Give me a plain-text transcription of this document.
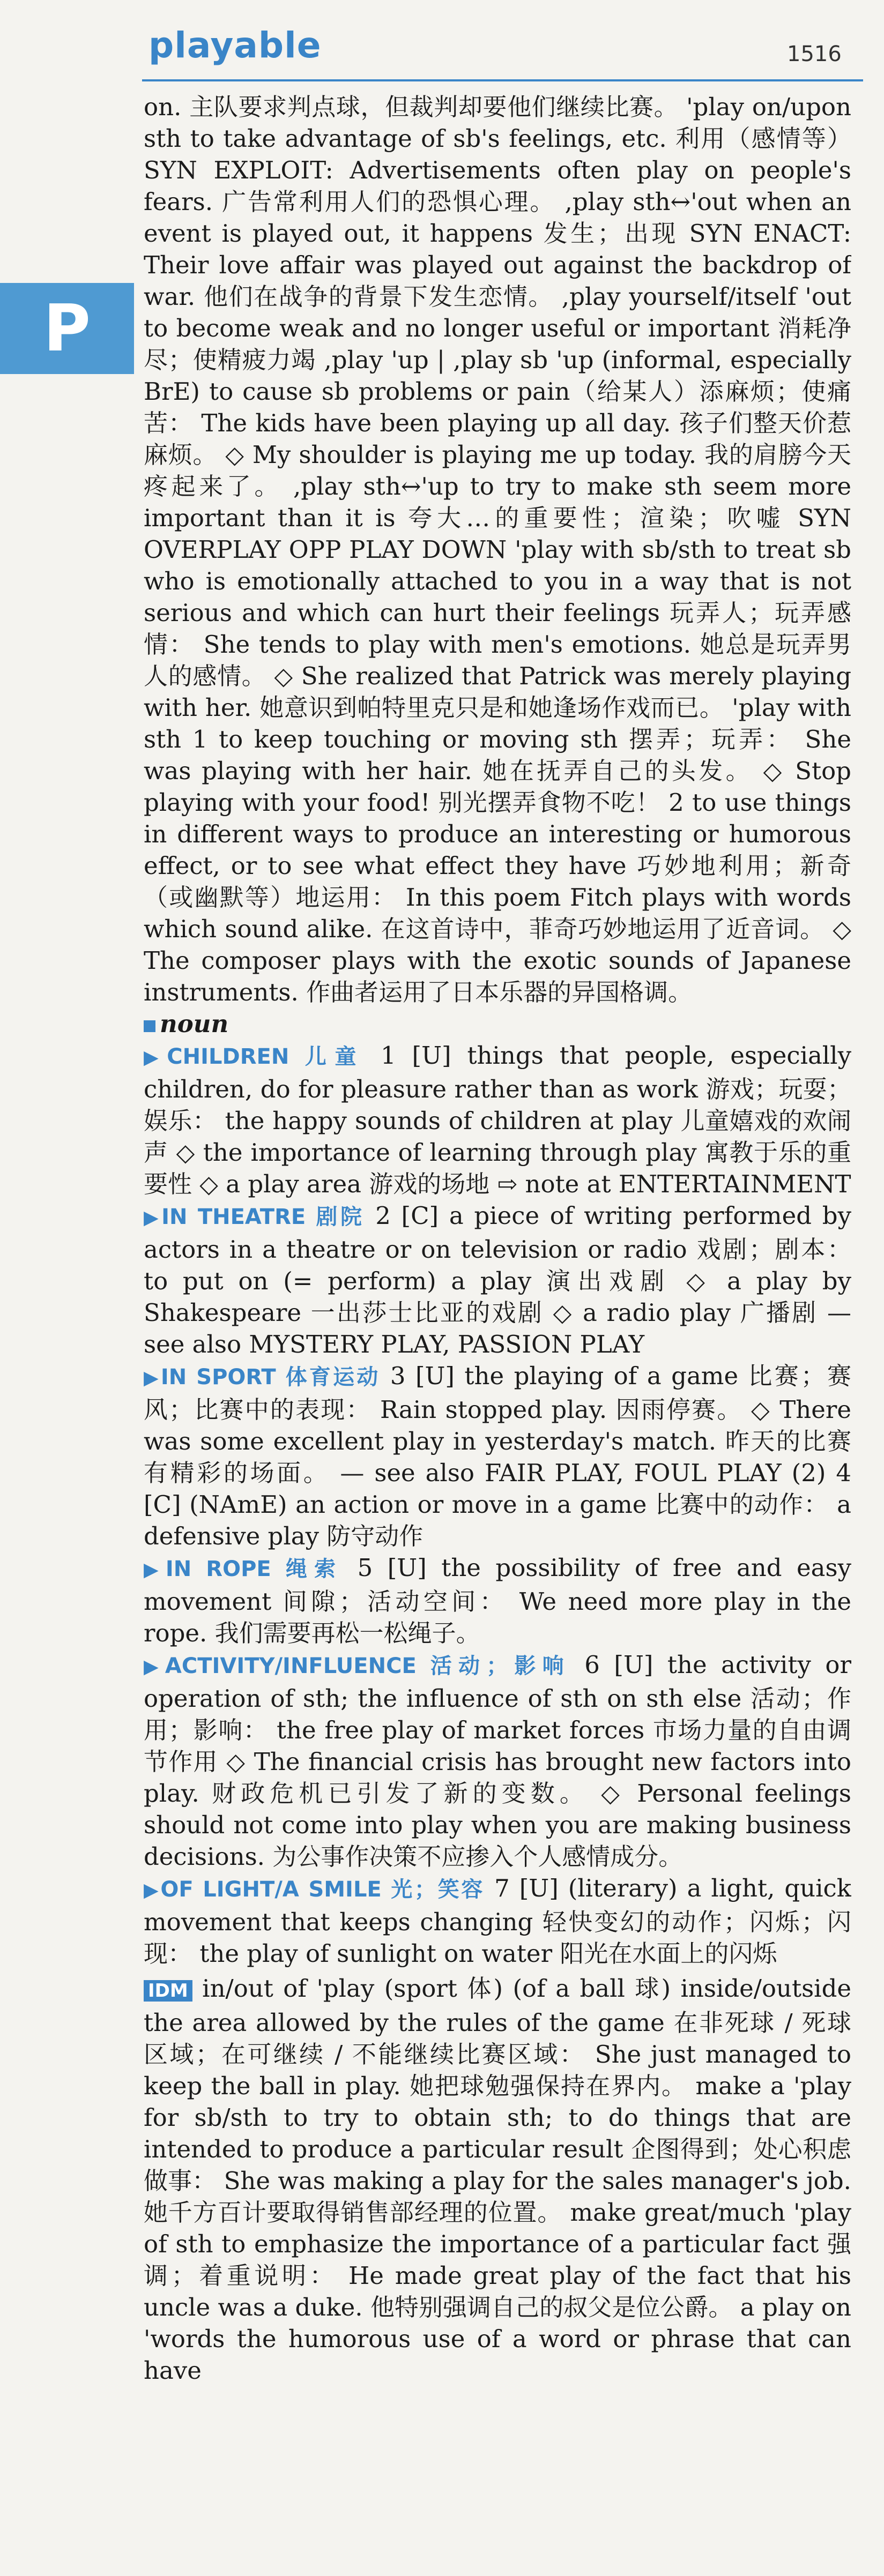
playable	1516
P

on. 主队要求判点球，但裁判却要他们继续比赛。 'play on/upon sth to take advantage of sb's feelings, etc. 利用（感情等） SYN EXPLOIT: Advertisements often play on people's fears. 广告常利用人们的恐惧心理。 ,play sth↔'out when an event is played out, it happens 发生；出现 SYN ENACT: Their love affair was played out against the backdrop of war. 他们在战争的背景下发生恋情。 ,play yourself/itself 'out to become weak and no longer useful or important 消耗净尽；使精疲力竭 ,play 'up | ,play sb 'up (informal, especially BrE) to cause sb problems or pain（给某人）添麻烦；使痛苦： The kids have been playing up all day. 孩子们整天价惹麻烦。 ◇ My shoulder is playing me up today. 我的肩膀今天疼起来了。 ,play sth↔'up to try to make sth seem more important than it is 夸大…的重要性；渲染；吹嘘 SYN OVERPLAY OPP PLAY DOWN 'play with sb/sth to treat sb who is emotionally attached to you in a way that is not serious and which can hurt their feelings 玩弄人；玩弄感情： She tends to play with men's emotions. 她总是玩弄男人的感情。 ◇ She realized that Patrick was merely playing with her. 她意识到帕特里克只是和她逢场作戏而已。 'play with sth 1 to keep touching or moving sth 摆弄；玩弄： She was playing with her hair. 她在抚弄自己的头发。 ◇ Stop playing with your food! 别光摆弄食物不吃！ 2 to use things in different ways to produce an interesting or humorous effect, or to see what effect they have 巧妙地利用；新奇（或幽默等）地运用： In this poem Fitch plays with words which sound alike. 在这首诗中，菲奇巧妙地运用了近音词。 ◇ The composer plays with the exotic sounds of Japanese instruments. 作曲者运用了日本乐器的异国格调。

noun

▶CHILDREN 儿童 1 [U] things that people, especially children, do for pleasure rather than as work 游戏；玩耍；娱乐： the happy sounds of children at play 儿童嬉戏的欢闹声 ◇ the importance of learning through play 寓教于乐的重要性 ◇ a play area 游戏的场地 ⇨ note at ENTERTAINMENT

▶IN THEATRE 剧院 2 [C] a piece of writing performed by actors in a theatre or on television or radio 戏剧；剧本： to put on (= perform) a play 演出戏剧 ◇ a play by Shakespeare 一出莎士比亚的戏剧 ◇ a radio play 广播剧 — see also MYSTERY PLAY, PASSION PLAY

▶IN SPORT 体育运动 3 [U] the playing of a game 比赛；赛风；比赛中的表现： Rain stopped play. 因雨停赛。 ◇ There was some excellent play in yesterday's match. 昨天的比赛有精彩的场面。 — see also FAIR PLAY, FOUL PLAY (2) 4 [C] (NAmE) an action or move in a game 比赛中的动作： a defensive play 防守动作

▶IN ROPE 绳索 5 [U] the possibility of free and easy movement 间隙；活动空间： We need more play in the rope. 我们需要再松一松绳子。

▶ACTIVITY/INFLUENCE 活动；影响 6 [U] the activity or operation of sth; the influence of sth on sth else 活动；作用；影响： the free play of market forces 市场力量的自由调节作用 ◇ The financial crisis has brought new factors into play. 财政危机已引发了新的变数。 ◇ Personal feelings should not come into play when you are making business decisions. 为公事作决策不应掺入个人感情成分。

▶OF LIGHT/A SMILE 光；笑容 7 [U] (literary) a light, quick movement that keeps changing 轻快变幻的动作；闪烁；闪现： the play of sunlight on water 阳光在水面上的闪烁

IDM in/out of 'play (sport 体) (of a ball 球) inside/outside the area allowed by the rules of the game 在非死球 / 死球区域；在可继续 / 不能继续比赛区域： She just managed to keep the ball in play. 她把球勉强保持在界内。 make a 'play for sb/sth to try to obtain sth; to do things that are intended to produce a particular result 企图得到；处心积虑做事： She was making a play for the sales manager's job. 她千方百计要取得销售部经理的位置。 make great/much 'play of sth to emphasize the importance of a particular fact 强调；着重说明： He made great play of the fact that his uncle was a duke. 他特别强调自己的叔父是位公爵。 a play on 'words the humorous use of a word or phrase that can have
